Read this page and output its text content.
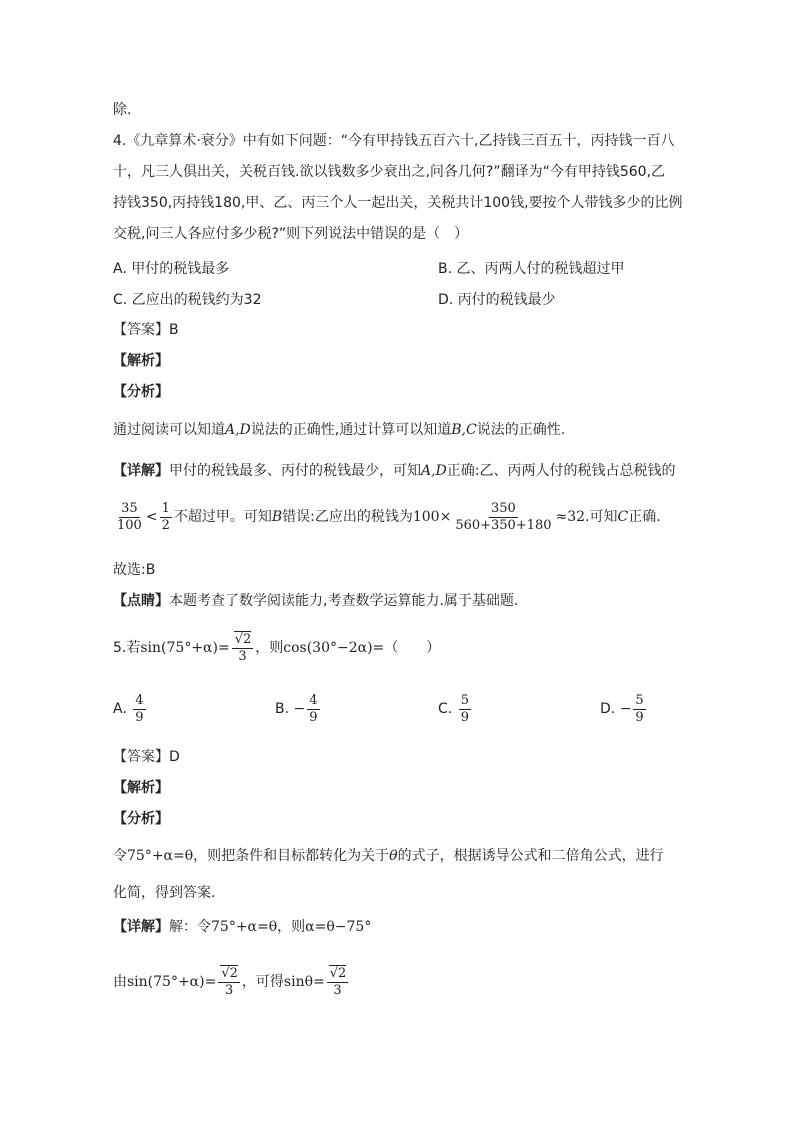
除.
4.《九章算术·衰分》中有如下问题：“今有甲持钱五百六十,乙持钱三百五十，丙持钱一百八
十，凡三人俱出关，关税百钱.欲以钱数多少衰出之,问各几何?”翻译为“今有甲持钱560,乙
持钱350,丙持钱180,甲、乙、丙三个人一起出关，关税共计100钱,要按个人带钱多少的比例
交税,问三人各应付多少税?”则下列说法中错误的是（　）
A. 甲付的税钱最多	B. 乙、丙两人付的税钱超过甲
C. 乙应出的税钱约为32	D. 丙付的税钱最少
【答案】B
【解析】
【分析】
通过阅读可以知道A,D说法的正确性,通过计算可以知道B,C说法的正确性.
【详解】甲付的税钱最多、丙付的税钱最少，可知A,D正确:乙、丙两人付的税钱占总税钱的
$\frac{35}{100} < \frac{1}{2}$ 不超过甲。可知B错误:乙应出的税钱为$100\times \frac{350}{560+350+180} \approx 32$.可知C正确.
故选:B
【点睛】本题考查了数学阅读能力,考查数学运算能力.属于基础题.
5.若$\sin(75^\circ+\alpha)= \frac{√2}{3}$ ，则cos(30°−2α)=（　　）
A. $\frac{4}{9}$	B. − $\frac{4}{9}$	C. $\frac{5}{9}$	D. − $\frac{5}{9}$
【答案】D
【解析】
【分析】
令75°+α=θ，则把条件和目标都转化为关于θ的式子，根据诱导公式和二倍角公式，进行
化简，得到答案.
【详解】解：令75°+α=θ，则α=θ−75°
由$\sin(75^\circ+\alpha)= \frac{√2}{3}$ ，可得$\sin\theta= \frac{√2}{3}$
